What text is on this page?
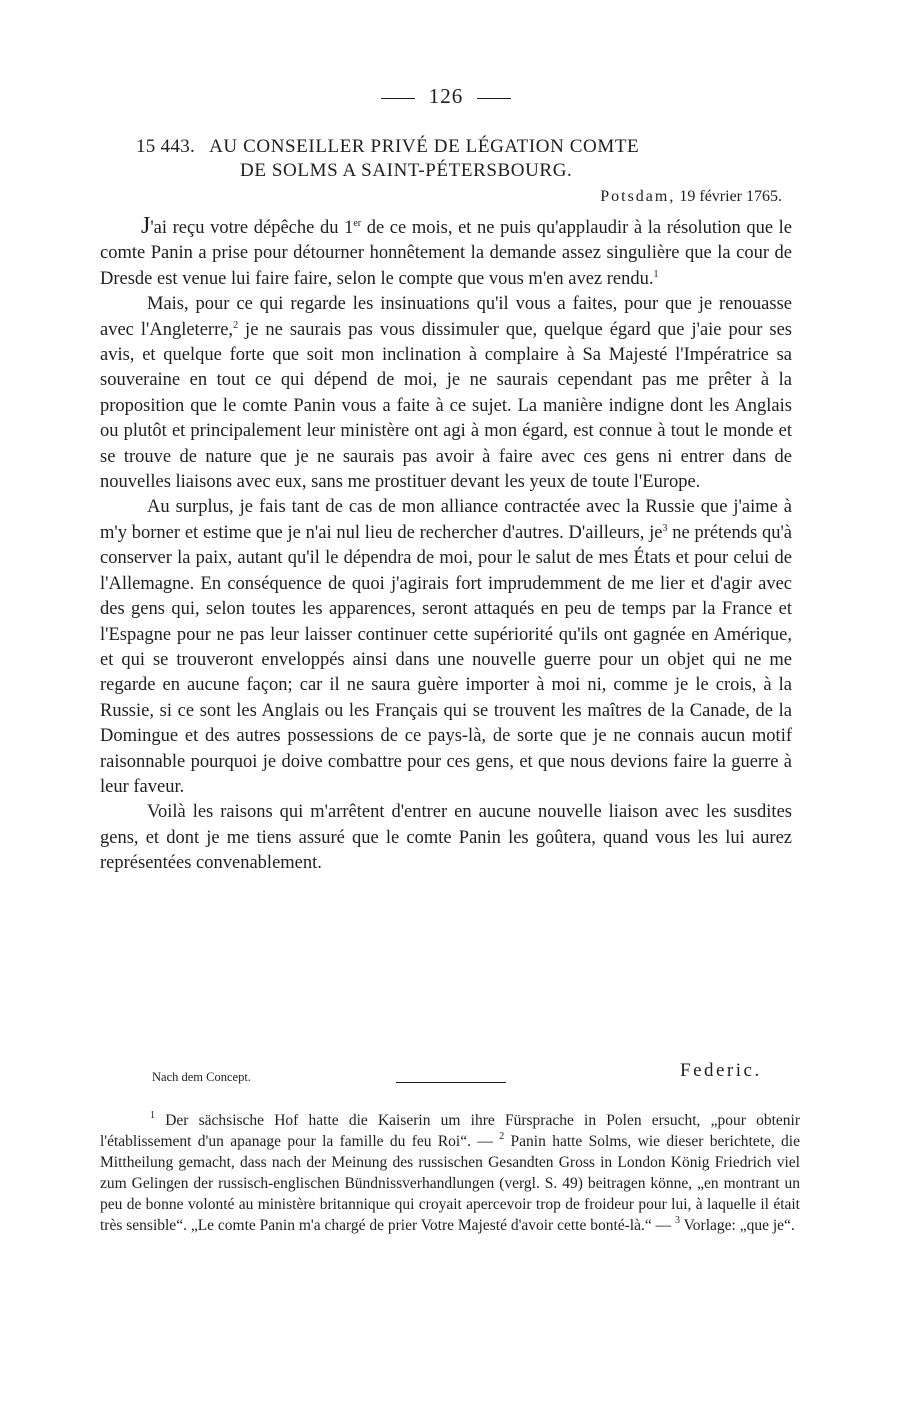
126
15 443. AU CONSEILLER PRIVÉ DE LÉGATION COMTE
DE SOLMS A SAINT-PÉTERSBOURG.
Potsdam, 19 février 1765.

J'ai reçu votre dépêche du 1er de ce mois, et ne puis qu'applaudir à la résolution que le comte Panin a prise pour détourner honnêtement la demande assez singulière que la cour de Dresde est venue lui faire faire, selon le compte que vous m'en avez rendu.$^1$

Mais, pour ce qui regarde les insinuations qu'il vous a faites, pour que je renouasse avec l'Angleterre,$^2$ je ne saurais pas vous dissimuler que, quelque égard que j'aie pour ses avis, et quelque forte que soit mon inclination à complaire à Sa Majesté l'Impératrice sa souveraine en tout ce qui dépend de moi, je ne saurais cependant pas me prêter à la proposition que le comte Panin vous a faite à ce sujet. La manière indigne dont les Anglais ou plutôt et principalement leur ministère ont agi à mon égard, est connue à tout le monde et se trouve de nature que je ne saurais pas avoir à faire avec ces gens ni entrer dans de nouvelles liaisons avec eux, sans me prostituer devant les yeux de toute l'Europe.

Au surplus, je fais tant de cas de mon alliance contractée avec la Russie que j'aime à m'y borner et estime que je n'ai nul lieu de rechercher d'autres. D'ailleurs, $je^3$ ne prétends qu'à conserver la paix, autant qu'il le dépendra de moi, pour le salut de mes États et pour celui de l'Allemagne. En conséquence de quoi j'agirais fort imprudemment de me lier et d'agir avec des gens qui, selon toutes les apparences, seront attaqués en peu de temps par la France et l'Espagne pour ne pas leur laisser continuer cette supériorité qu'ils ont gagnée en Amérique, et qui se trouveront enveloppés ainsi dans une nouvelle guerre pour un objet qui ne me regarde en aucune façon; car il ne saura guère importer à moi ni, comme je le crois, à la Russie, si ce sont les Anglais ou les Français qui se trouvent les maîtres de la Canade, de la Domingue et des autres possessions de ce pays-là, de sorte que je ne connais aucun motif raisonnable pourquoi je doive combattre pour ces gens, et que nous devions faire la guerre à leur faveur.

Voilà les raisons qui m'arrêtent d'entrer en aucune nouvelle liaison avec les susdites gens, et dont je me tiens assuré que le comte Panin les goûtera, quand vous les lui aurez représentées convenablement.

Nach dem Concept.	Federic.

$^1$ Der sächsische Hof hatte die Kaiserin um ihre Fürsprache in Polen ersucht, „pour obtenir l'établissement d'un apanage pour la famille du feu Roi“. — $^2$ Panin hatte Solms, wie dieser berichtete, die Mittheilung gemacht, dass nach der Meinung des russischen Gesandten Gross in London König Friedrich viel zum Gelingen der russisch-englischen Bündnissverhandlungen (vergl. S. 49) beitragen könne, „en montrant un peu de bonne volonté au ministère britannique qui croyait apercevoir trop de froideur pour lui, à laquelle il était très sensible“. „Le comte Panin m'a chargé de prier Votre Majesté d'avoir cette bonté-là.“ — $^3$ Vorlage: „que je“.
